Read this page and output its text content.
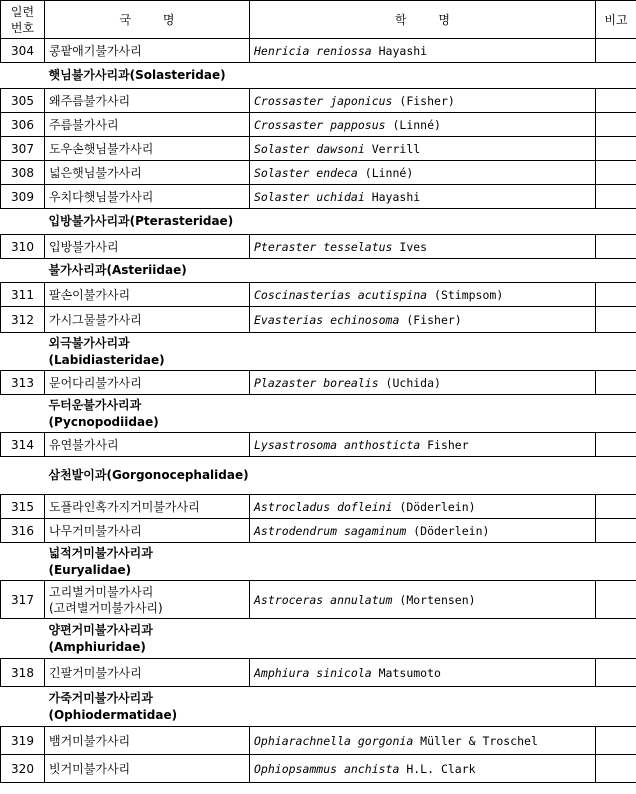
일련
번호	국 명	학 명	비고
304	콩팥애기불가사리	Henricia reniossa Hayashi	

햇님불가사리과(Solasteridae)			

305	왜주름불가사리	Crossaster japonicus (Fisher)	
306	주름불가사리	Crossaster papposus (Linné)	
307	도우손햇님불가사리	Solaster dawsoni Verrill	
308	넓은햇님불가사리	Solaster endeca (Linné)	
309	우치다햇님불가사리	Solaster uchidai Hayashi	

입방불가사리과(Pterasteridae)			

310	입방불가사리	Pteraster tesselatus Ives	

불가사리과(Asteriidae)			

311	팔손이불가사리	Coscinasterias acutispina (Stimpsom)	
312	가시그물불가사리	Evasterias echinosoma (Fisher)	

외극불가사리과
(Labidiasteridae)			

313	문어다리불가사리	Plazaster borealis (Uchida)	

두터운불가사리과
(Pycnopodiidae)			

314	유연불가사리	Lysastrosoma anthosticta Fisher	

삼천발이과(Gorgonocephalidae)			

315	도플라인혹가지거미불가사리	Astrocladus dofleini (Döderlein)	
316	나무거미불가사리	Astrodendrum sagaminum (Döderlein)	

넓적거미불가사리과
(Euryalidae)			

317	고리별거미불가사리
(고려별거미불가사리)	Astroceras annulatum (Mortensen)	

양편거미불가사리과
(Amphiuridae)			

318	긴팔거미불가사리	Amphiura sinicola Matsumoto	

가죽거미불가사리과
(Ophiodermatidae)			

319	뱀거미불가사리	Ophiarachnella gorgonia Müller & Troschel	
320	빗거미불가사리	Ophiopsammus anchista H.L. Clark	
